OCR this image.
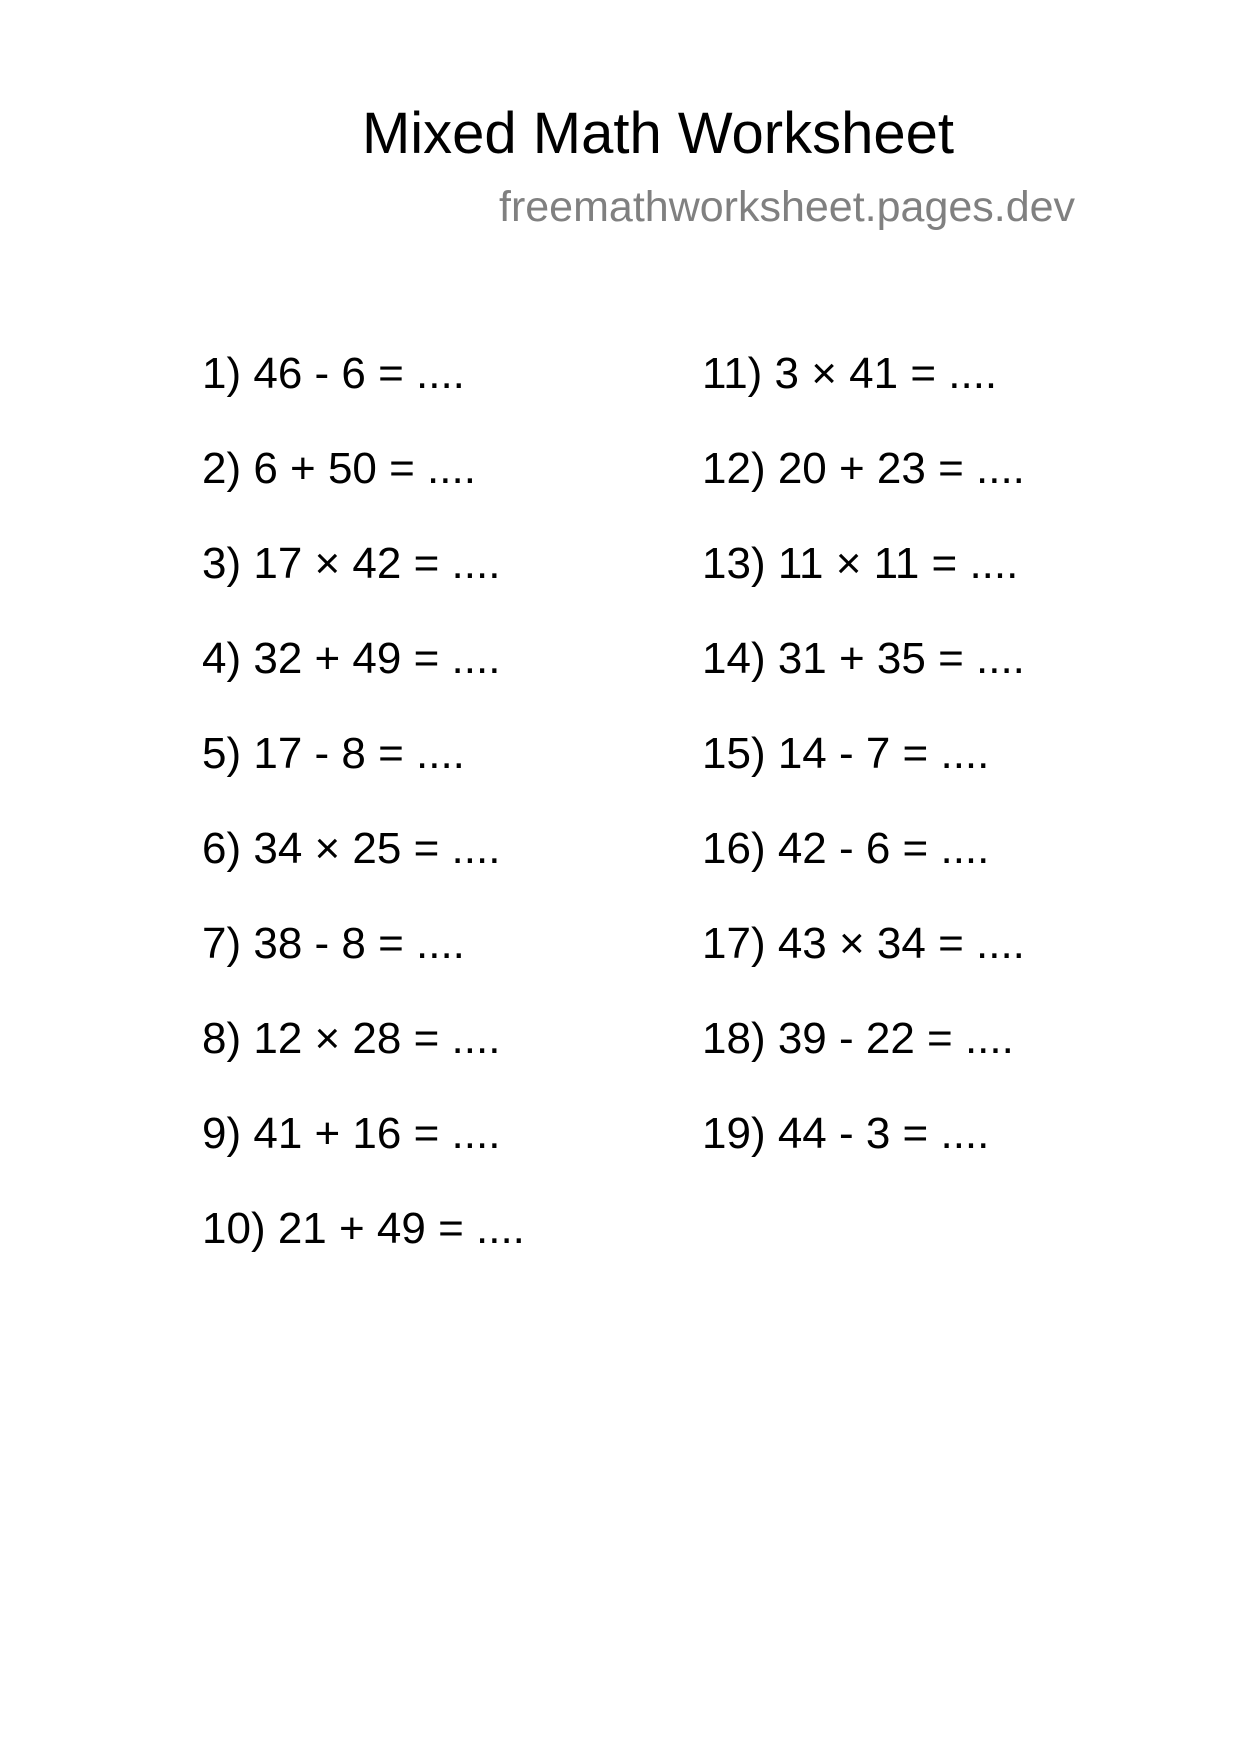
Mixed Math Worksheet
freemathworksheet.pages.dev
1) 46 - 6 = ....
2) 6 + 50 = ....
3) 17 × 42 = ....
4) 32 + 49 = ....
5) 17 - 8 = ....
6) 34 × 25 = ....
7) 38 - 8 = ....
8) 12 × 28 = ....
9) 41 + 16 = ....
10) 21 + 49 = ....
11) 3 × 41 = ....
12) 20 + 23 = ....
13) 11 × 11 = ....
14) 31 + 35 = ....
15) 14 - 7 = ....
16) 42 - 6 = ....
17) 43 × 34 = ....
18) 39 - 22 = ....
19) 44 - 3 = ....
